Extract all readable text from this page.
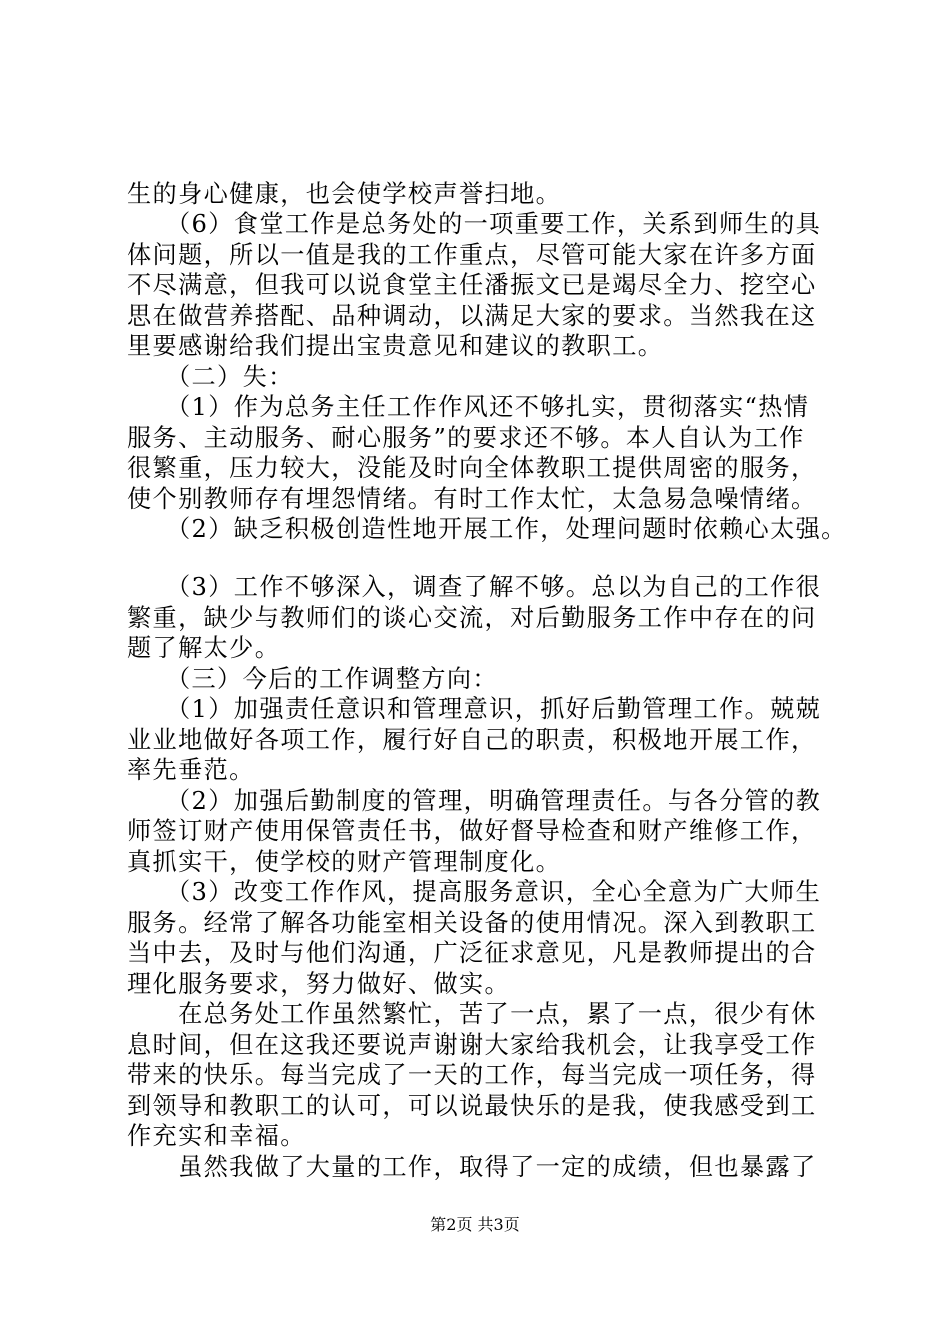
生的身心健康，也会使学校声誉扫地。
　　（6）食堂工作是总务处的一项重要工作，关系到师生的具
体问题，所以一值是我的工作重点，尽管可能大家在许多方面
不尽满意，但我可以说食堂主任潘振文已是竭尽全力、挖空心
思在做营养搭配、品种调动，以满足大家的要求。当然我在这
里要感谢给我们提出宝贵意见和建议的教职工。
　　（二）失：
　　（1）作为总务主任工作作风还不够扎实，贯彻落实“热情
服务、主动服务、耐心服务”的要求还不够。本人自认为工作
很繁重，压力较大，没能及时向全体教职工提供周密的服务，
使个别教师存有埋怨情绪。有时工作太忙，太急易急噪情绪。
　　（2）缺乏积极创造性地开展工作，处理问题时依赖心太强。
　　（3）工作不够深入，调查了解不够。总以为自己的工作很
繁重，缺少与教师们的谈心交流，对后勤服务工作中存在的问
题了解太少。
　　（三）今后的工作调整方向：
　　（1）加强责任意识和管理意识，抓好后勤管理工作。兢兢
业业地做好各项工作，履行好自己的职责，积极地开展工作，
率先垂范。
　　（2）加强后勤制度的管理，明确管理责任。与各分管的教
师签订财产使用保管责任书，做好督导检查和财产维修工作，
真抓实干，使学校的财产管理制度化。
　　（3）改变工作作风，提高服务意识，全心全意为广大师生
服务。经常了解各功能室相关设备的使用情况。深入到教职工
当中去，及时与他们沟通，广泛征求意见，凡是教师提出的合
理化服务要求，努力做好、做实。
　　在总务处工作虽然繁忙，苦了一点，累了一点，很少有休
息时间，但在这我还要说声谢谢大家给我机会，让我享受工作
带来的快乐。每当完成了一天的工作，每当完成一项任务，得
到领导和教职工的认可，可以说最快乐的是我，使我感受到工
作充实和幸福。
　　虽然我做了大量的工作，取得了一定的成绩，但也暴露了
第2页 共3页
